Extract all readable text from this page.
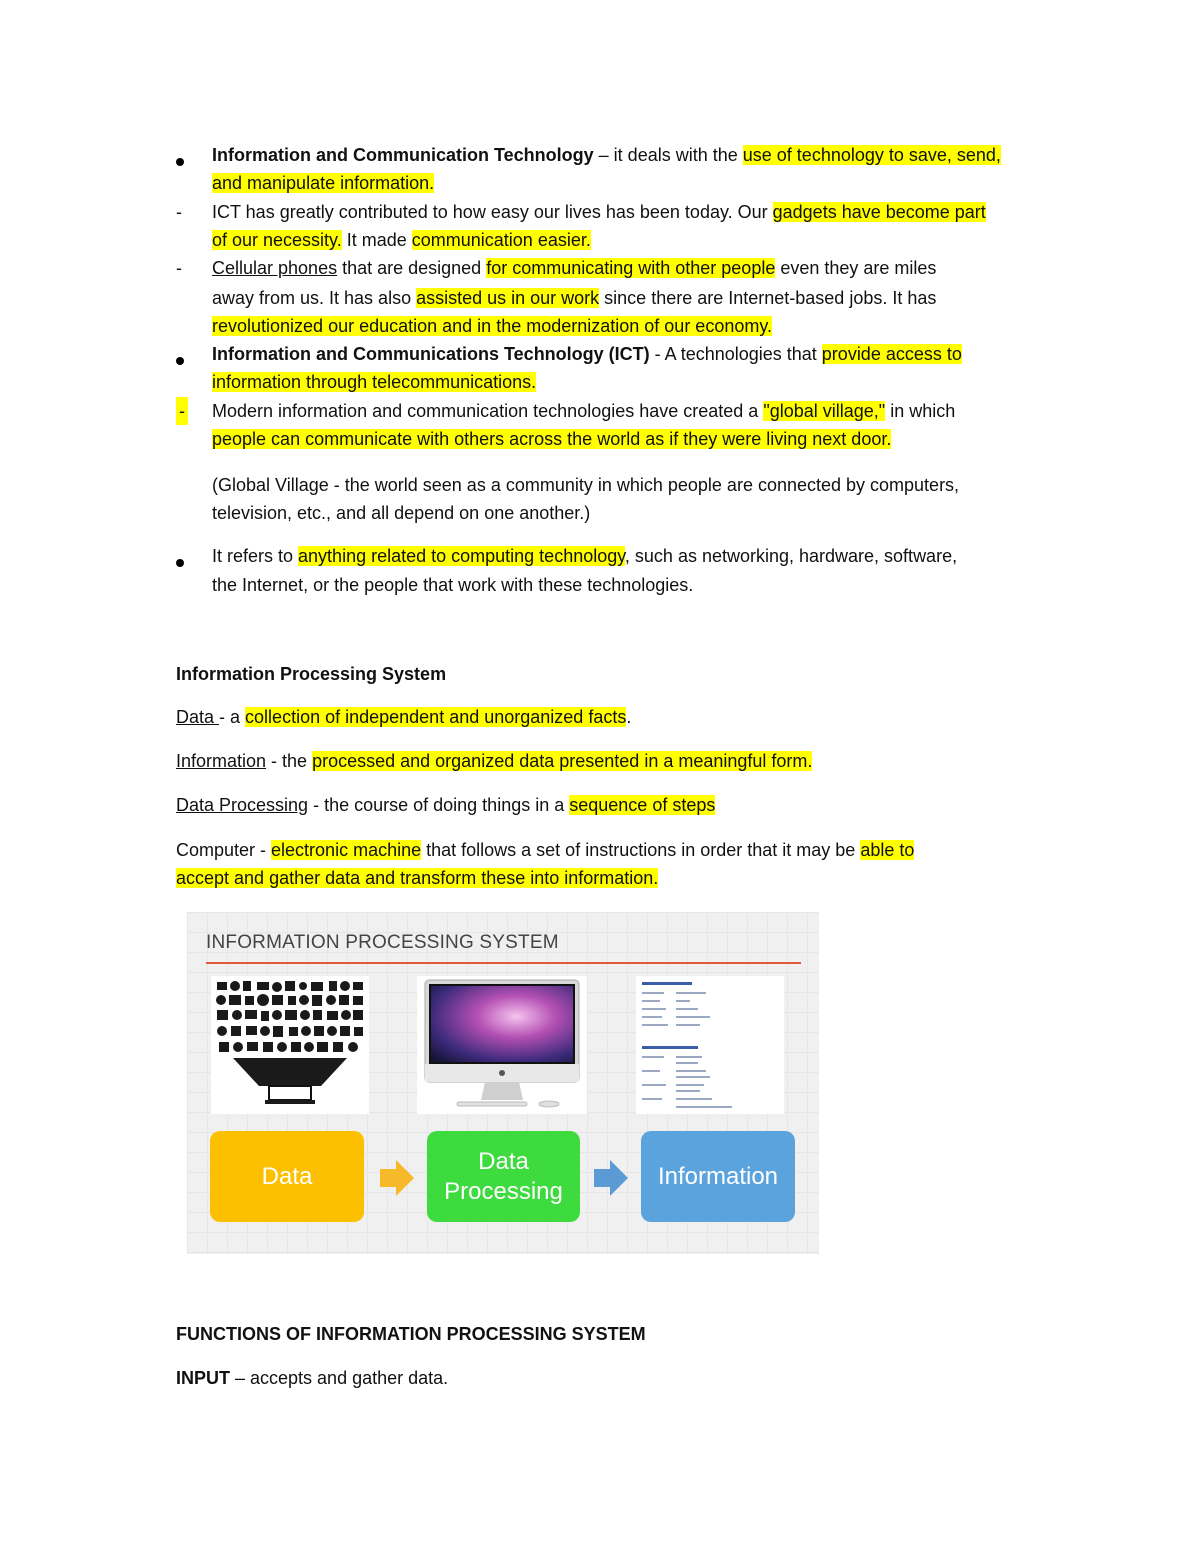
Information and Communication Technology – it deals with the use of technology to save, send,
and manipulate information.
- ICT has greatly contributed to how easy our lives has been today. Our gadgets have become part
of our necessity. It made communication easier.
- Cellular phones that are designed for communicating with other people even they are miles
away from us. It has also assisted us in our work since there are Internet-based jobs. It has
revolutionized our education and in the modernization of our economy.
Information and Communications Technology (ICT) - A technologies that provide access to
information through telecommunications.
- Modern information and communication technologies have created a "global village," in which
people can communicate with others across the world as if they were living next door.
(Global Village - the world seen as a community in which people are connected by computers,
television, etc., and all depend on one another.)
It refers to anything related to computing technology, such as networking, hardware, software,
the Internet, or the people that work with these technologies.
Information Processing System
Data - a collection of independent and unorganized facts.
Information - the processed and organized data presented in a meaningful form.
Data Processing - the course of doing things in a sequence of steps
Computer - electronic machine that follows a set of instructions in order that it may be able to
accept and gather data and transform these into information.
INFORMATION PROCESSING SYSTEM
Data
Data
Processing
Information
FUNCTIONS OF INFORMATION PROCESSING SYSTEM
INPUT – accepts and gather data.
